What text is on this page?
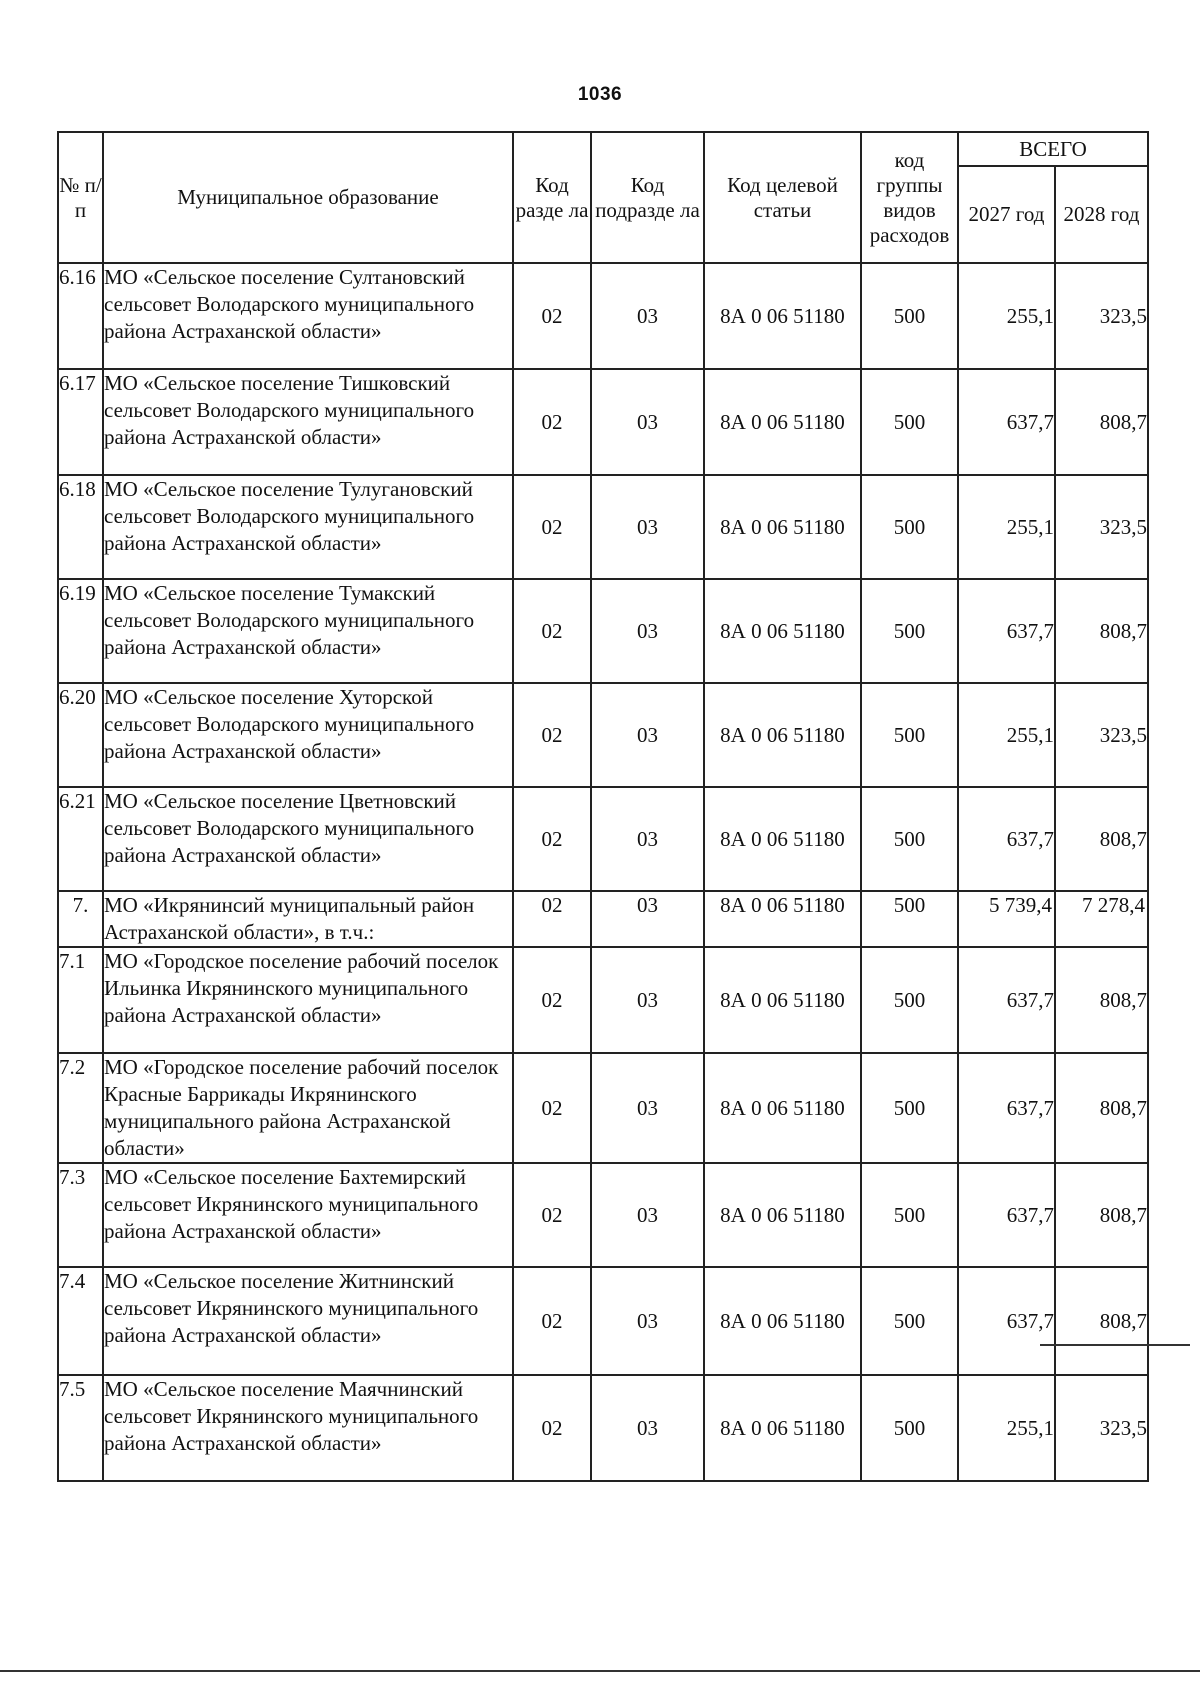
1036
№ п/п	Муниципальное образование	Код разде ла	Код подразде ла	Код целевой статьи	код группы видов расходов	ВСЕГО	
						2027 год	2028 год
6.16	МО «Сельское поселение Султановский сельсовет Володарского муниципального района Астраханской области»	02	03	8А 0 06 51180	500	255,1	323,5
6.17	МО «Сельское поселение Тишковский сельсовет Володарского муниципального района Астраханской области»	02	03	8А 0 06 51180	500	637,7	808,7
6.18	МО «Сельское поселение Тулугановский сельсовет Володарского муниципального района Астраханской области»	02	03	8А 0 06 51180	500	255,1	323,5
6.19	МО «Сельское поселение Тумакский сельсовет Володарского муниципального района Астраханской области»	02	03	8А 0 06 51180	500	637,7	808,7
6.20	МО «Сельское поселение Хуторской сельсовет Володарского муниципального района Астраханской области»	02	03	8А 0 06 51180	500	255,1	323,5
6.21	МО «Сельское поселение Цветновский сельсовет Володарского муниципального района Астраханской области»	02	03	8А 0 06 51180	500	637,7	808,7
7.	МО «Икрянинсий муниципальный район Астраханской области», в т.ч.:	02	03	8А 0 06 51180	500	5 739,4	7 278,4
7.1	МО «Городское поселение рабочий поселок Ильинка Икрянинского муниципального района Астраханской области»	02	03	8А 0 06 51180	500	637,7	808,7
7.2	МО «Городское поселение рабочий поселок Красные Баррикады Икрянинского муниципального района Астраханской области»	02	03	8А 0 06 51180	500	637,7	808,7
7.3	МО «Сельское поселение Бахтемирский сельсовет Икрянинского муниципального района Астраханской области»	02	03	8А 0 06 51180	500	637,7	808,7
7.4	МО «Сельское поселение Житнинский сельсовет Икрянинского муниципального района Астраханской области»	02	03	8А 0 06 51180	500	637,7	808,7
7.5	МО «Сельское поселение Маячнинский сельсовет Икрянинского муниципального района Астраханской области»	02	03	8А 0 06 51180	500	255,1	323,5
